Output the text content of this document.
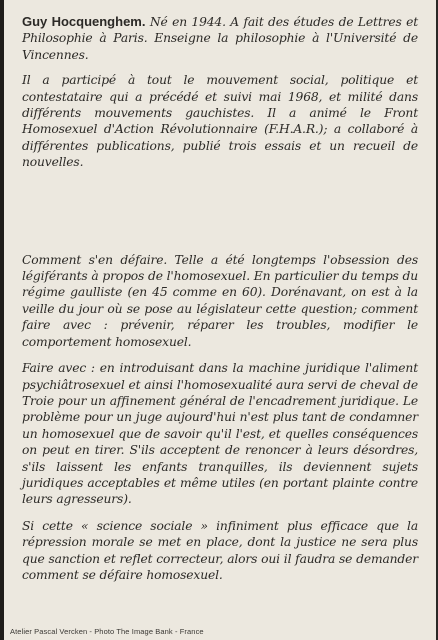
Guy Hocquenghem. Né en 1944. A fait des études de Lettres et Philosophie à Paris. Enseigne la philosophie à l'Université de Vincennes.

Il a participé à tout le mouvement social, politique et contestataire qui a précédé et suivi mai 1968, et milité dans différents mouvements gauchistes. Il a animé le Front Homosexuel d'Action Révolutionnaire (F.H.A.R.); a collaboré à différentes publications, publié trois essais et un recueil de nouvelles.

Comment s'en défaire. Telle a été longtemps l'obsession des légiférants à propos de l'homosexuel. En particulier du temps du régime gaulliste (en 45 comme en 60). Dorénavant, on est à la veille du jour où se pose au législateur cette question; comment faire avec : prévenir, réparer les troubles, modifier le comportement homosexuel.

Faire avec : en introduisant dans la machine juridique l'aliment psychiâtrosexuel et ainsi l'homosexualité aura servi de cheval de Troie pour un affinement général de l'encadrement juridique. Le problème pour un juge aujourd'hui n'est plus tant de condamner un homosexuel que de savoir qu'il l'est, et quelles conséquences on peut en tirer. S'ils acceptent de renoncer à leurs désordres, s'ils laissent les enfants tranquilles, ils deviennent sujets juridiques acceptables et même utiles (en portant plainte contre leurs agresseurs).

Si cette « science sociale » infiniment plus efficace que la répression morale se met en place, dont la justice ne sera plus que sanction et reflet correcteur, alors oui il faudra se demander comment se défaire homosexuel.

Atelier Pascal Vercken - Photo The Image Bank - France
